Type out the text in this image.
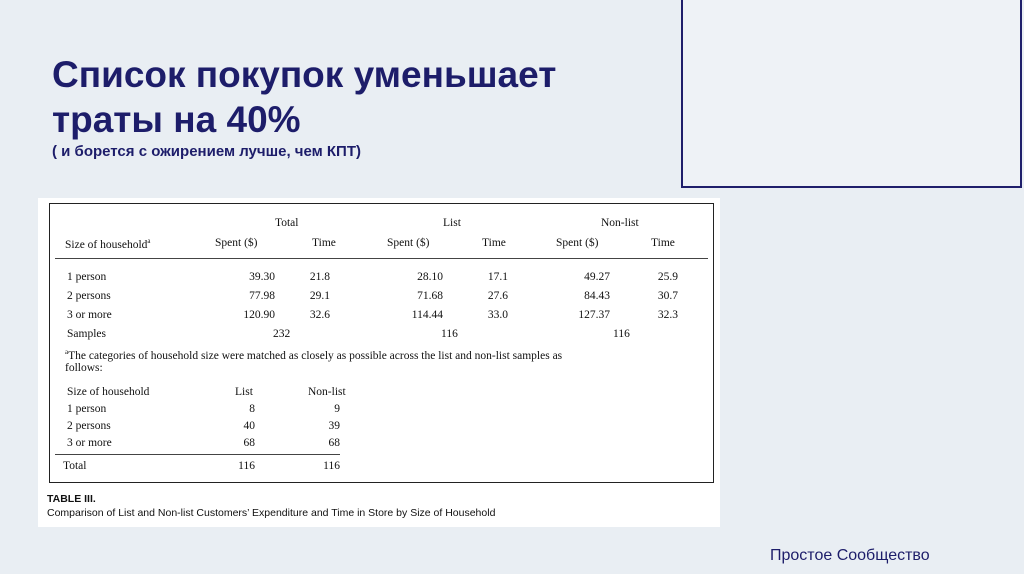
Список покупок уменьшает
траты на 40%

( и борется с ожирением лучше, чем КПТ)

Total	List	Non-list
Size of household$^a$	Spent ($)	Time	Spent ($)	Time	Spent ($)	Time
1 person	39.30	21.8	28.10	17.1	49.27	25.9
2 persons	77.98	29.1	71.68	27.6	84.43	30.7
3 or more	120.90	32.6	114.44	33.0	127.37	32.3
Samples	232	116	116
$^a$The categories of household size were matched as closely as possible across the list and non-list samples as
follows:
Size of household	List	Non-list
1 person	8	9
2 persons	40	39
3 or more	68	68
Total	116	116
TABLE III.
Comparison of List and Non-list Customers’ Expenditure and Time in Store by Size of Household
Простое Сообщество
